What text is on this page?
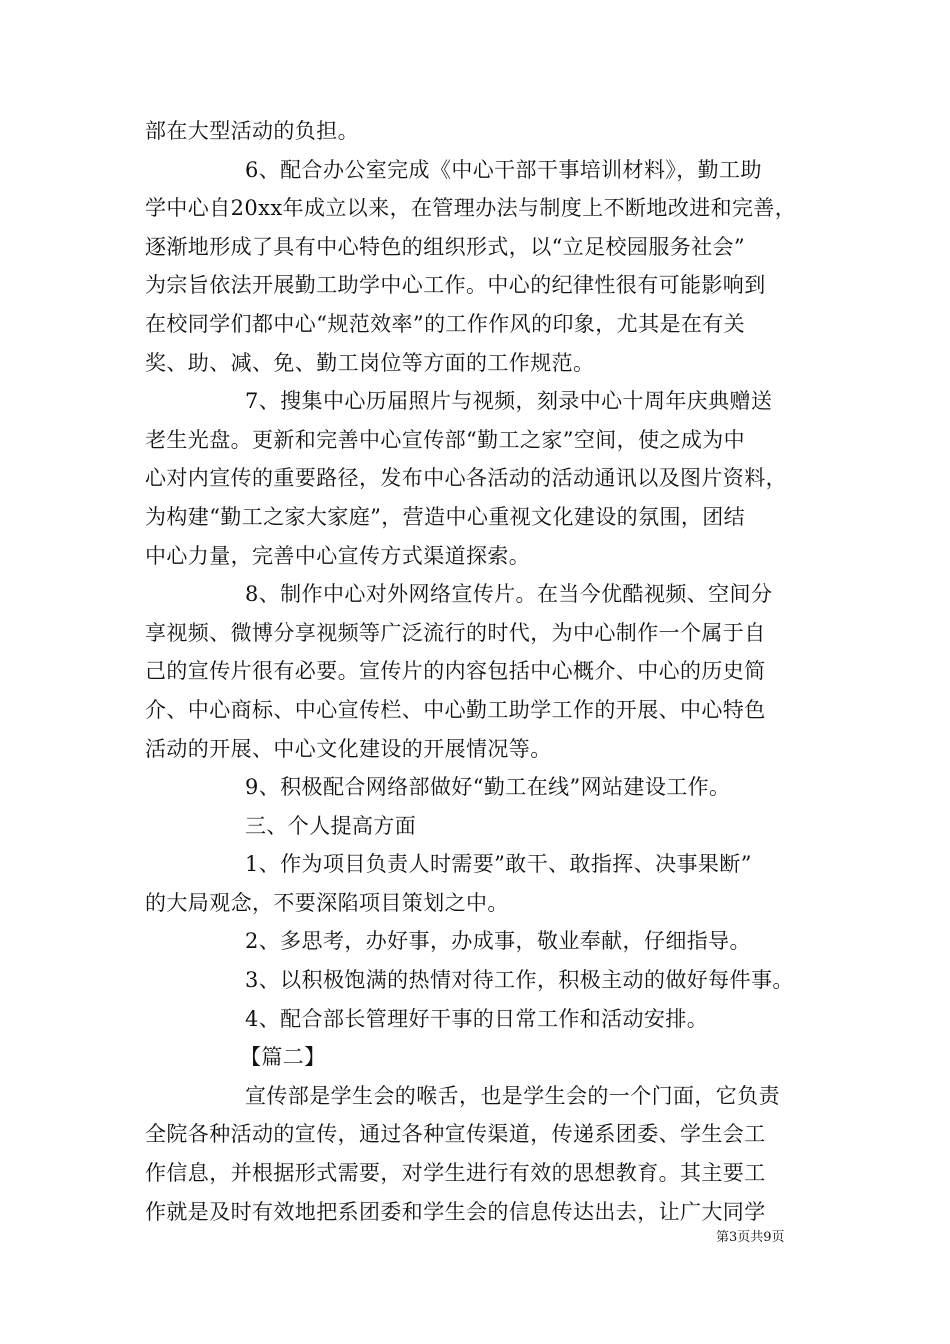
部在大型活动的负担。
6、配合办公室完成《中心干部干事培训材料》，勤工助
学中心自20xx年成立以来，在管理办法与制度上不断地改进和完善，
逐渐地形成了具有中心特色的组织形式，以“立足校园服务社会”
为宗旨依法开展勤工助学中心工作。中心的纪律性很有可能影响到
在校同学们都中心“规范效率”的工作作风的印象，尤其是在有关
奖、助、减、免、勤工岗位等方面的工作规范。
7、搜集中心历届照片与视频，刻录中心十周年庆典赠送
老生光盘。更新和完善中心宣传部“勤工之家”空间，使之成为中
心对内宣传的重要路径，发布中心各活动的活动通讯以及图片资料，
为构建“勤工之家大家庭”，营造中心重视文化建设的氛围，团结
中心力量，完善中心宣传方式渠道探索。
8、制作中心对外网络宣传片。在当今优酷视频、空间分
享视频、微博分享视频等广泛流行的时代，为中心制作一个属于自
己的宣传片很有必要。宣传片的内容包括中心概介、中心的历史简
介、中心商标、中心宣传栏、中心勤工助学工作的开展、中心特色
活动的开展、中心文化建设的开展情况等。
9、积极配合网络部做好“勤工在线”网站建设工作。
三、个人提高方面
1、作为项目负责人时需要”敢干、敢指挥、决事果断”
的大局观念，不要深陷项目策划之中。
2、多思考，办好事，办成事，敬业奉献，仔细指导。
3、以积极饱满的热情对待工作，积极主动的做好每件事。
4、配合部长管理好干事的日常工作和活动安排。
【篇二】
宣传部是学生会的喉舌，也是学生会的一个门面，它负责
全院各种活动的宣传，通过各种宣传渠道，传递系团委、学生会工
作信息，并根据形式需要，对学生进行有效的思想教育。其主要工
作就是及时有效地把系团委和学生会的信息传达出去，让广大同学
第3页共9页
